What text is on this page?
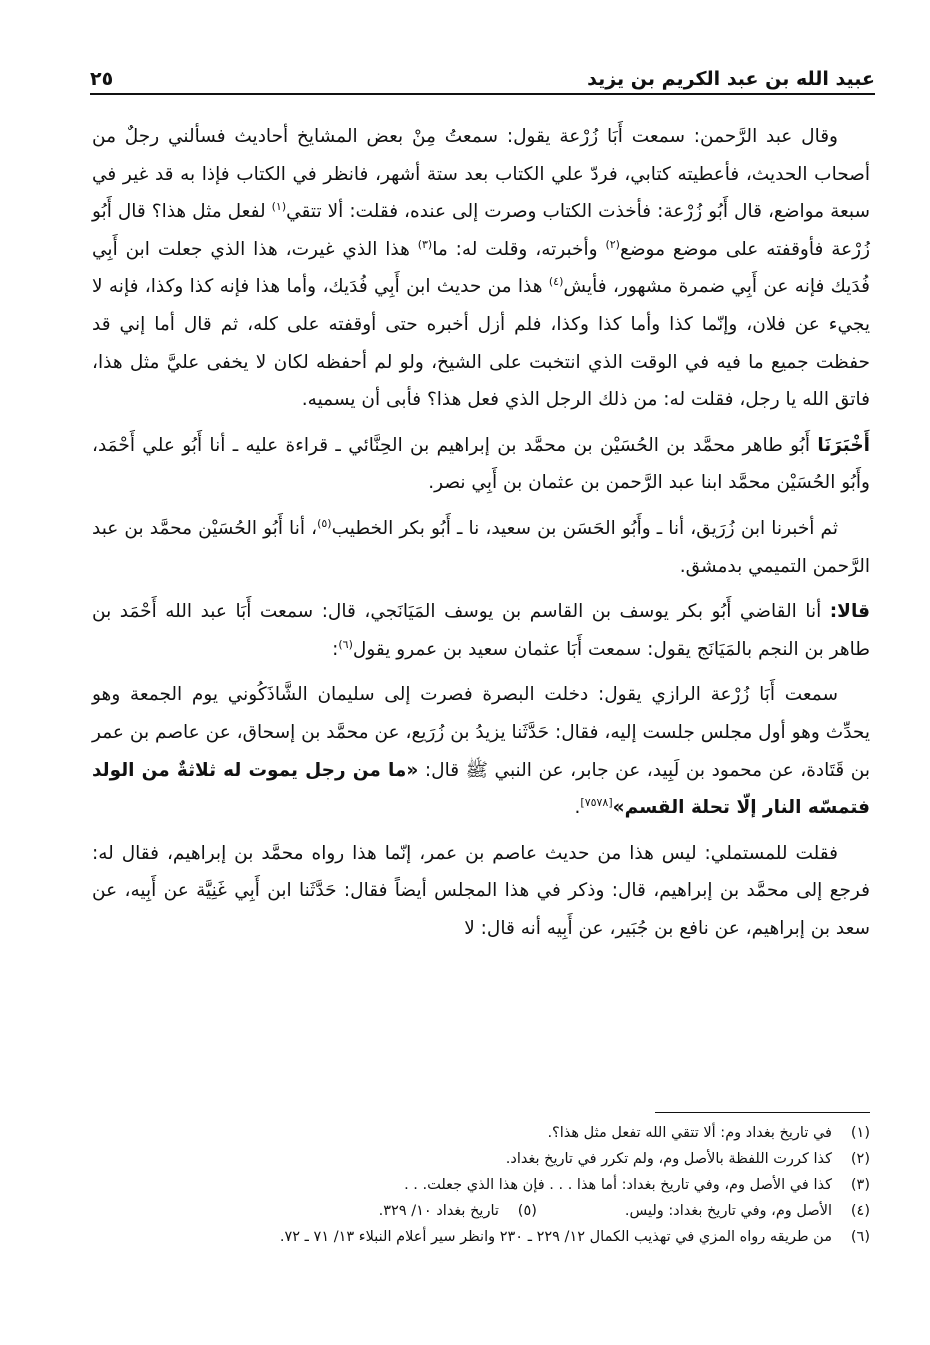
عبيد الله بن عبد الكريم بن يزيد
٢٥

وقال عبد الرَّحمن: سمعت أَبَا زُرْعة يقول: سمعتُ مِنْ بعض المشايخ أحاديث فسألني رجلٌ من أصحاب الحديث، فأعطيته كتابي، فردّ علي الكتاب بعد ستة أشهر، فانظر في الكتاب فإذا به قد غير في سبعة مواضع، قال أَبُو زُرْعة: فأخذت الكتاب وصرت إلى عنده، فقلت: ألا تتقي$^{(١)}$ لفعل مثل هذا؟ قال أَبُو زُرْعة فأوقفته على موضع موضع$^{(٢)}$ وأخبرته، وقلت له: ما$^{(٣)}$ هذا الذي غيرت، هذا الذي جعلت ابن أَبِي فُدَيك فإنه عن أَبِي ضمرة مشهور، فأيش$^{(٤)}$ هذا من حديث ابن أَبِي فُدَيك، وأما هذا فإنه كذا وكذا، فإنه لا يجيء عن فلان، وإنّما كذا وأما كذا وكذا، فلم أزل أخبره حتى أوقفته على كله، ثم قال أما إني قد حفظت جميع ما فيه في الوقت الذي انتخبت على الشيخ، ولو لم أحفظه لكان لا يخفى عليَّ مثل هذا، فاتق الله يا رجل، فقلت له: من ذلك الرجل الذي فعل هذا؟ فأبى أن يسميه.

أَخْبَرَنَا أَبُو طاهر محمَّد بن الحُسَيْن بن محمَّد بن إبراهيم بن الحِنَّائي ـ قراءة عليه ـ أنا أَبُو علي أَحْمَد، وأَبُو الحُسَيْن محمَّد ابنا عبد الرَّحمن بن عثمان بن أَبِي نصر.

ثم أخبرنا ابن زُرَيق، أنا ـ وأَبُو الحَسَن بن سعيد، نا ـ أَبُو بكر الخطيب$^{(٥)}$، أنا أَبُو الحُسَيْن محمَّد بن عبد الرَّحمن التميمي بدمشق.

قالا: أنا القاضي أَبُو بكر يوسف بن القاسم بن يوسف المَيَانَجي، قال: سمعت أَبَا عبد الله أَحْمَد بن طاهر بن النجم بالمَيَانَج يقول: سمعت أَبَا عثمان سعيد بن عمرو يقول$^{(٦)}$:

سمعت أَبَا زُرْعة الرازي يقول: دخلت البصرة فصرت إلى سليمان الشَّاذَكُوني يوم الجمعة وهو يحدِّث وهو أول مجلس جلست إليه، فقال: حَدَّثَنا يزيدُ بن زُرَيع، عن محمَّد بن إسحاق، عن عاصم بن عمر بن قَتَادة، عن محمود بن لَبِيد، عن جابر، عن النبي ﷺ قال: «ما من رجل يموت له ثلاثةٌ من الولد فتمسّه النار إلّا تحلة القسم»[٧٥٧٨].

فقلت للمستملي: ليس هذا من حديث عاصم بن عمر، إنّما هذا رواه محمَّد بن إبراهيم، فقال له: فرجع إلى محمَّد بن إبراهيم، قال: وذكر في هذا المجلس أيضاً فقال: حَدَّثَنا ابن أَبِي غَنِيَّة عن أَبِيه، عن سعد بن إبراهيم، عن نافع بن جُبَير، عن أَبِيه أنه قال: لا

(١)
في تاريخ بغداد وم: ألا تتقي الله تفعل مثل هذا؟.
(٢)
كذا كررت اللفظة بالأصل وم، ولم تكرر في تاريخ بغداد.
(٣)
كذا في الأصل وم، وفي تاريخ بغداد: أما هذا . . . فإن هذا الذي جعلت. . .
(٤)
الأصل وم، وفي تاريخ بغداد: وليس.
(٥)
تاريخ بغداد ١٠/ ٣٢٩.
(٦)
من طريقه رواه المزي في تهذيب الكمال ١٢/ ٢٢٩ ـ ٢٣٠ وانظر سير أعلام النبلاء ١٣/ ٧١ ـ ٧٢.
